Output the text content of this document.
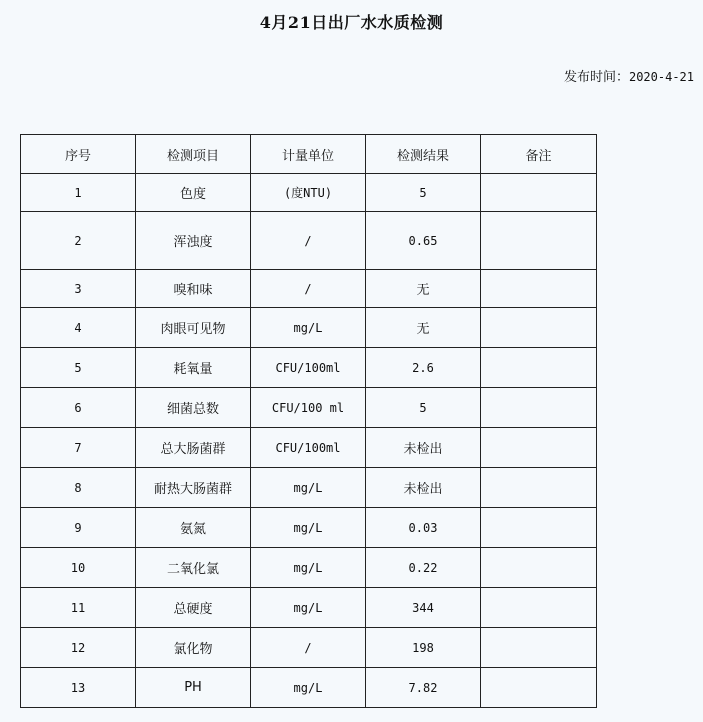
4月21日出厂水水质检测
发布时间：2020-4-21
序号	检测项目	计量单位	检测结果	备注
1	色度	(度NTU)	5	
2	浑浊度	/	0.65	
3	嗅和味	/	无	
4	肉眼可见物	mg/L	无	
5	耗氧量	CFU/100ml	2.6	
6	细菌总数	CFU/100 ml	5	
7	总大肠菌群	CFU/100ml	未检出	
8	耐热大肠菌群	mg/L	未检出	
9	氨氮	mg/L	0.03	
10	二氧化氯	mg/L	0.22	
11	总硬度	mg/L	344	
12	氯化物	/	198	
13	PH	mg/L	7.82	
